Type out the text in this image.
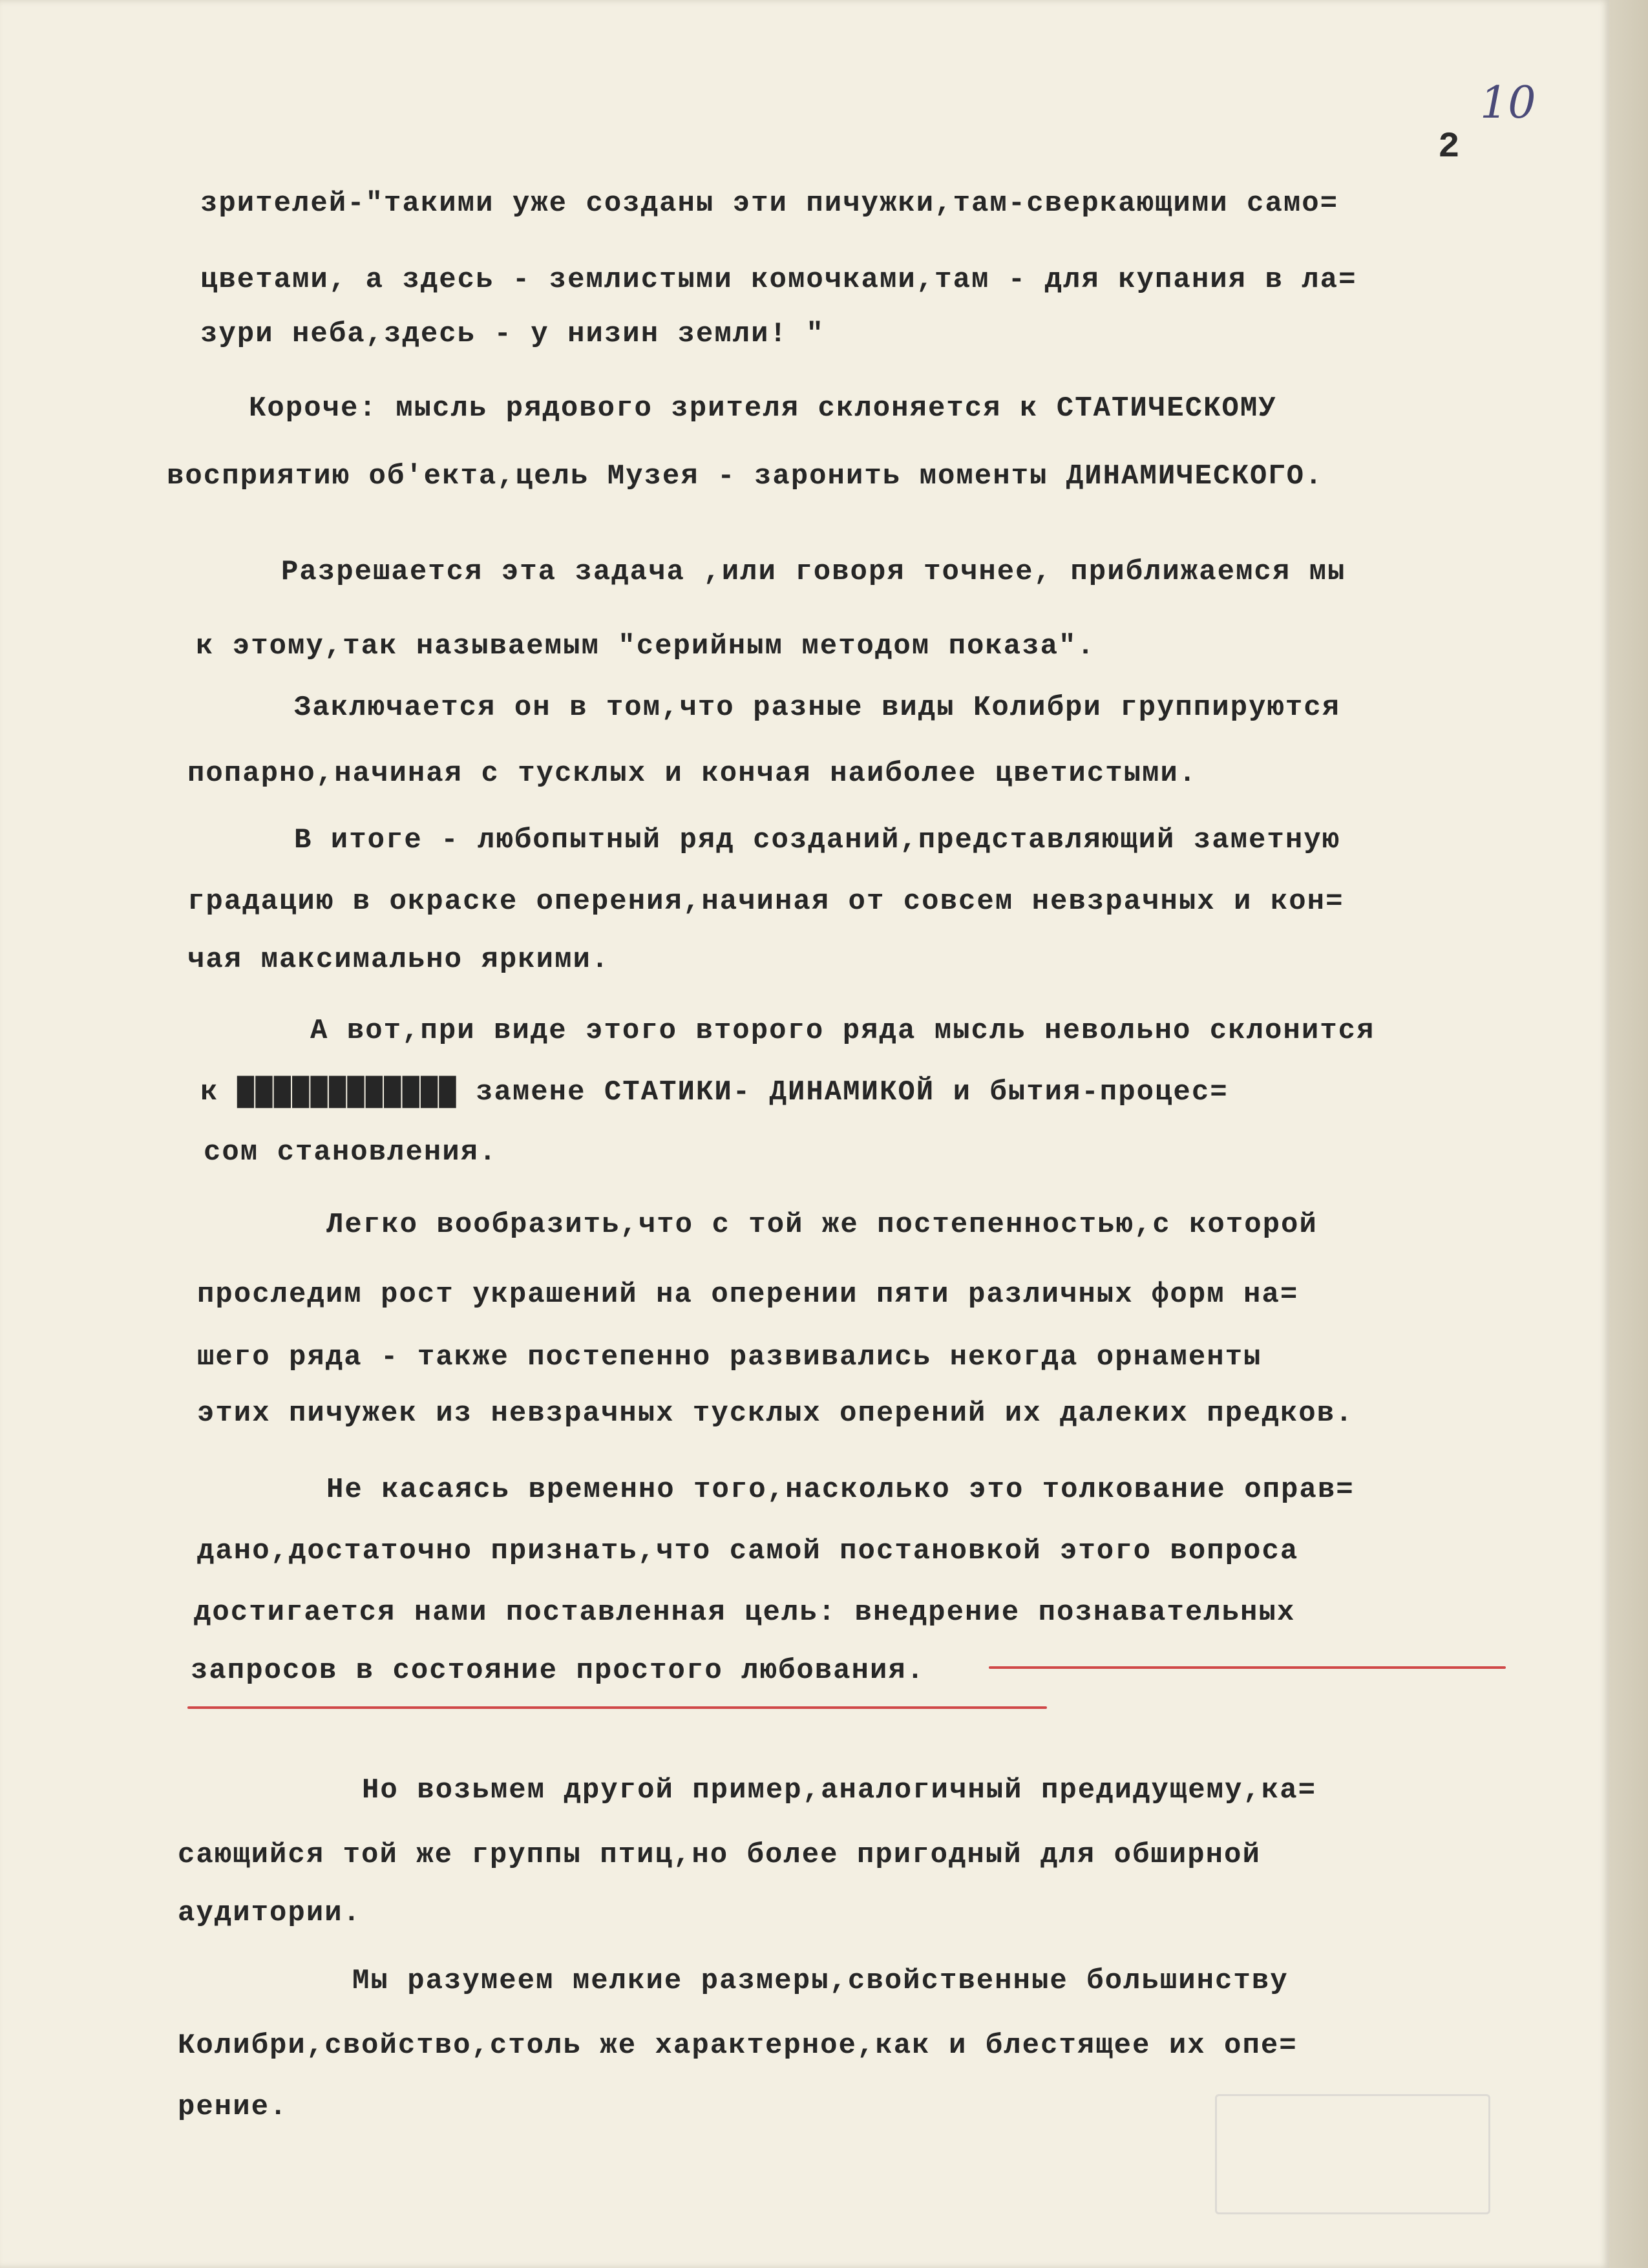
10
2
зрителей-"такими уже созданы эти пичужки,там-сверкающими само=
цветами, а здесь - землистыми комочками,там - для купания в ла=
зури неба,здесь - у низин земли! "
Короче: мысль рядового зрителя склоняется к СТАТИЧЕСКОМУ
восприятию об'екта,цель Музея - заронить моменты ДИНАМИЧЕСКОГО.
Разрешается эта задача ,или говоря точнее, приближаемся мы
к этому,так называемым "серийным методом показа".
Заключается он в том,что разные виды Колибри группируются
попарно,начиная с тусклых и кончая наиболее цветистыми.
В итоге - любопытный ряд созданий,представляющий заметную
градацию в окраске оперения,начиная от совсем невзрачных и кон=
чая максимально яркими.
А вот,при виде этого второго ряда мысль невольно склонится
к ████████████ замене СТАТИКИ- ДИНАМИКОЙ и бытия-процес=
сом становления.
Легко вообразить,что с той же постепенностью,с которой
проследим рост украшений на оперении пяти различных форм на=
шего ряда - также постепенно развивались некогда орнаменты
этих пичужек из невзрачных тусклых оперений их далеких предков.
Не касаясь временно того,насколько это толкование оправ=
дано,достаточно признать,что самой постановкой этого вопроса
достигается нами поставленная цель: внедрение познавательных
запросов в состояние простого любования.
Но возьмем другой пример,аналогичный предидущему,ка=
сающийся той же группы птиц,но более пригодный для обширной
аудитории.
Мы разумеем мелкие размеры,свойственные большинству
Колибри,свойство,столь же характерное,как и блестящее их опе=
рение.
